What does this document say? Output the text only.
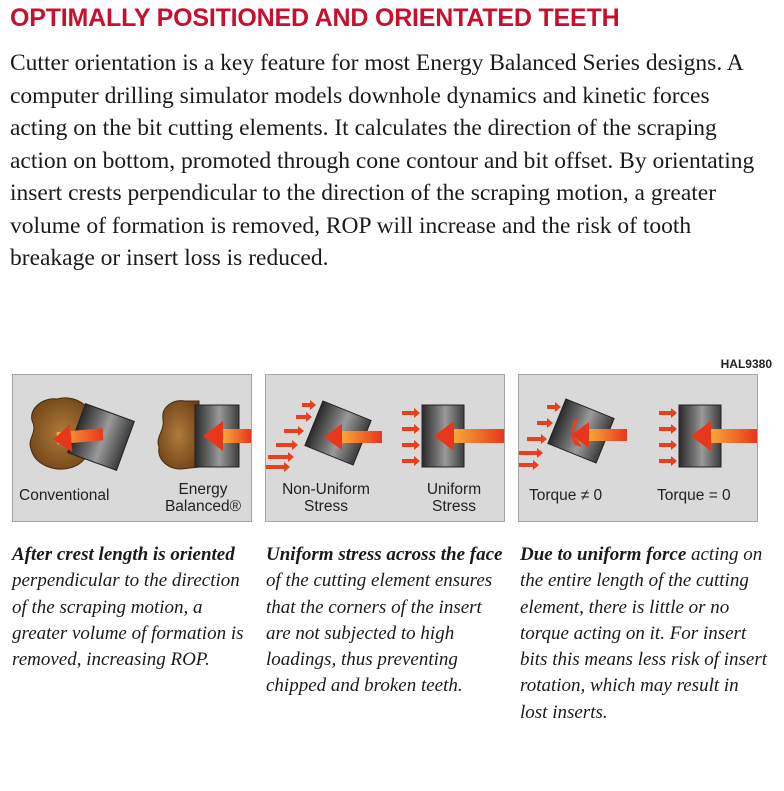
OPTIMALLY POSITIONED AND ORIENTATED TEETH

Cutter orientation is a key feature for most Energy Balanced Series designs. A computer drilling simulator models downhole dynamics and kinetic forces acting on the bit cutting elements. It calculates the direction of the scraping action on bottom, promoted through cone contour and bit offset. By orientating insert crests perpendicular to the direction of the scraping motion, a greater volume of formation is removed, ROP will increase and the risk of tooth breakage or insert loss is reduced.

HAL9380
Conventional	Energy
Balanced®
Non-Uniform
Stress
Uniform
Stress
Torque ≠ 0	Torque = 0

After crest length is oriented perpendicular to the direction of the scraping motion, a greater volume of formation is removed, increasing ROP.

Uniform stress across the face of the cutting element ensures that the corners of the insert are not subjected to high loadings, thus preventing chipped and broken teeth.

Due to uniform force acting on the entire length of the cutting element, there is little or no torque acting on it. For insert bits this means less risk of insert rotation, which may result in lost inserts.
